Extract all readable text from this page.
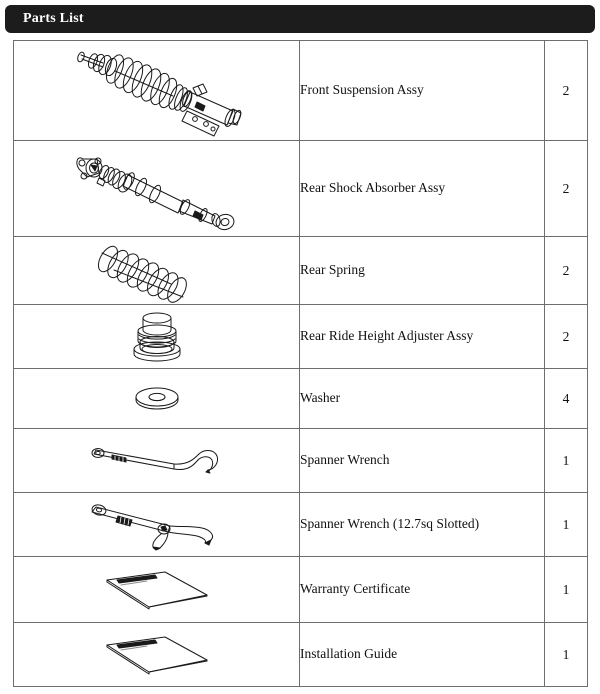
Parts List
	Front Suspension Assy	2
	Rear Shock Absorber Assy	2
	Rear Spring	2
	Rear Ride Height Adjuster Assy	2
	Washer	4
	Spanner Wrench	1
	Spanner Wrench (12.7sq Slotted)	1
	Warranty Certificate	1
	Installation Guide	1
